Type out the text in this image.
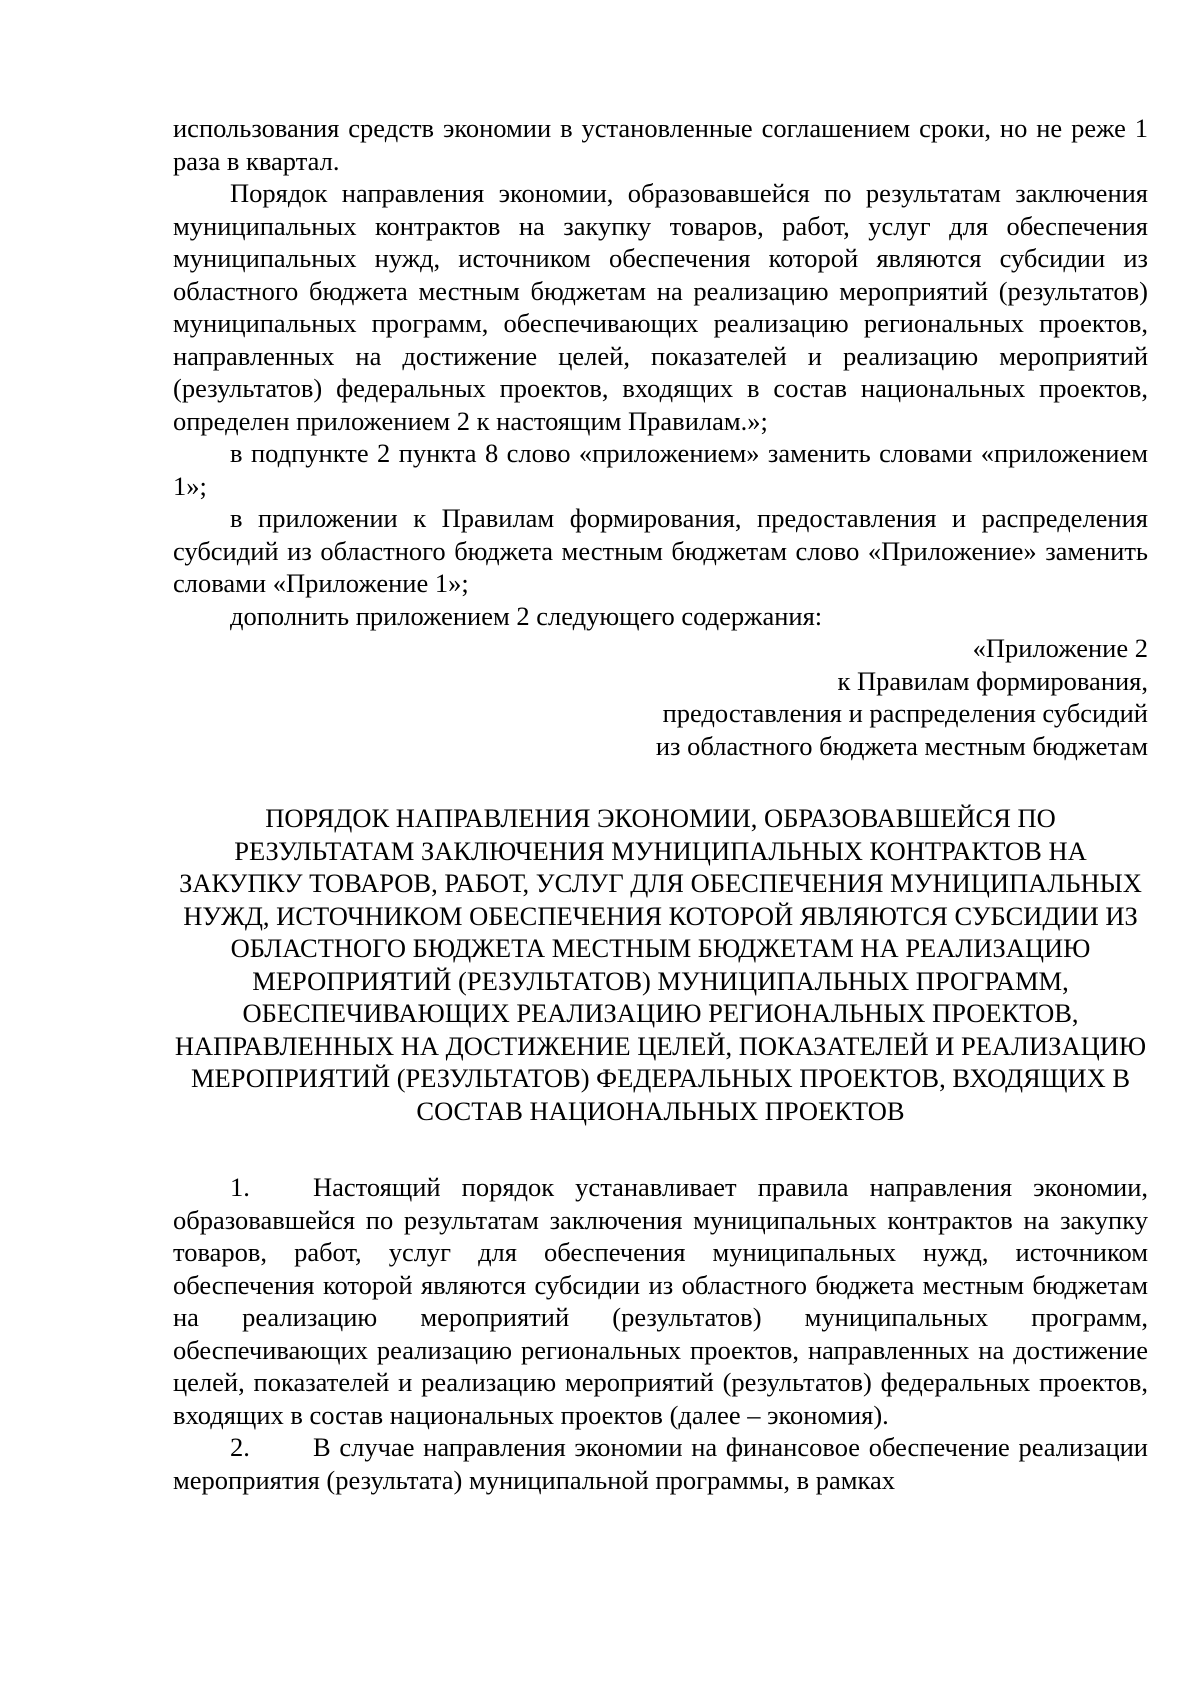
использования средств экономии в установленные соглашением сроки, но не реже 1 раза в квартал.

Порядок направления экономии, образовавшейся по результатам заключения муниципальных контрактов на закупку товаров, работ, услуг для обеспечения муниципальных нужд, источником обеспечения которой являются субсидии из областного бюджета местным бюджетам на реализацию мероприятий (результатов) муниципальных программ, обеспечивающих реализацию региональных проектов, направленных на достижение целей, показателей и реализацию мероприятий (результатов) федеральных проектов, входящих в состав национальных проектов, определен приложением 2 к настоящим Правилам.»;

в подпункте 2 пункта 8 слово «приложением» заменить словами «приложением 1»;

в приложении к Правилам формирования, предоставления и распределения субсидий из областного бюджета местным бюджетам слово «Приложение» заменить словами «Приложение 1»;

дополнить приложением 2 следующего содержания:

«Приложение 2
к Правилам формирования,
предоставления и распределения субсидий
из областного бюджета местным бюджетам

ПОРЯДОК НАПРАВЛЕНИЯ ЭКОНОМИИ, ОБРАЗОВАВШЕЙСЯ ПО РЕЗУЛЬТАТАМ ЗАКЛЮЧЕНИЯ МУНИЦИПАЛЬНЫХ КОНТРАКТОВ НА ЗАКУПКУ ТОВАРОВ, РАБОТ, УСЛУГ ДЛЯ ОБЕСПЕЧЕНИЯ МУНИЦИПАЛЬНЫХ НУЖД, ИСТОЧНИКОМ ОБЕСПЕЧЕНИЯ КОТОРОЙ ЯВЛЯЮТСЯ СУБСИДИИ ИЗ ОБЛАСТНОГО БЮДЖЕТА МЕСТНЫМ БЮДЖЕТАМ НА РЕАЛИЗАЦИЮ МЕРОПРИЯТИЙ (РЕЗУЛЬТАТОВ) МУНИЦИПАЛЬНЫХ ПРОГРАММ, ОБЕСПЕЧИВАЮЩИХ РЕАЛИЗАЦИЮ РЕГИОНАЛЬНЫХ ПРОЕКТОВ, НАПРАВЛЕННЫХ НА ДОСТИЖЕНИЕ ЦЕЛЕЙ, ПОКАЗАТЕЛЕЙ И РЕАЛИЗАЦИЮ МЕРОПРИЯТИЙ (РЕЗУЛЬТАТОВ) ФЕДЕРАЛЬНЫХ ПРОЕКТОВ, ВХОДЯЩИХ В СОСТАВ НАЦИОНАЛЬНЫХ ПРОЕКТОВ

1. Настоящий порядок устанавливает правила направления экономии, образовавшейся по результатам заключения муниципальных контрактов на закупку товаров, работ, услуг для обеспечения муниципальных нужд, источником обеспечения которой являются субсидии из областного бюджета местным бюджетам на реализацию мероприятий (результатов) муниципальных программ, обеспечивающих реализацию региональных проектов, направленных на достижение целей, показателей и реализацию мероприятий (результатов) федеральных проектов, входящих в состав национальных проектов (далее – экономия).

2. В случае направления экономии на финансовое обеспечение реализации мероприятия (результата) муниципальной программы, в рамках
